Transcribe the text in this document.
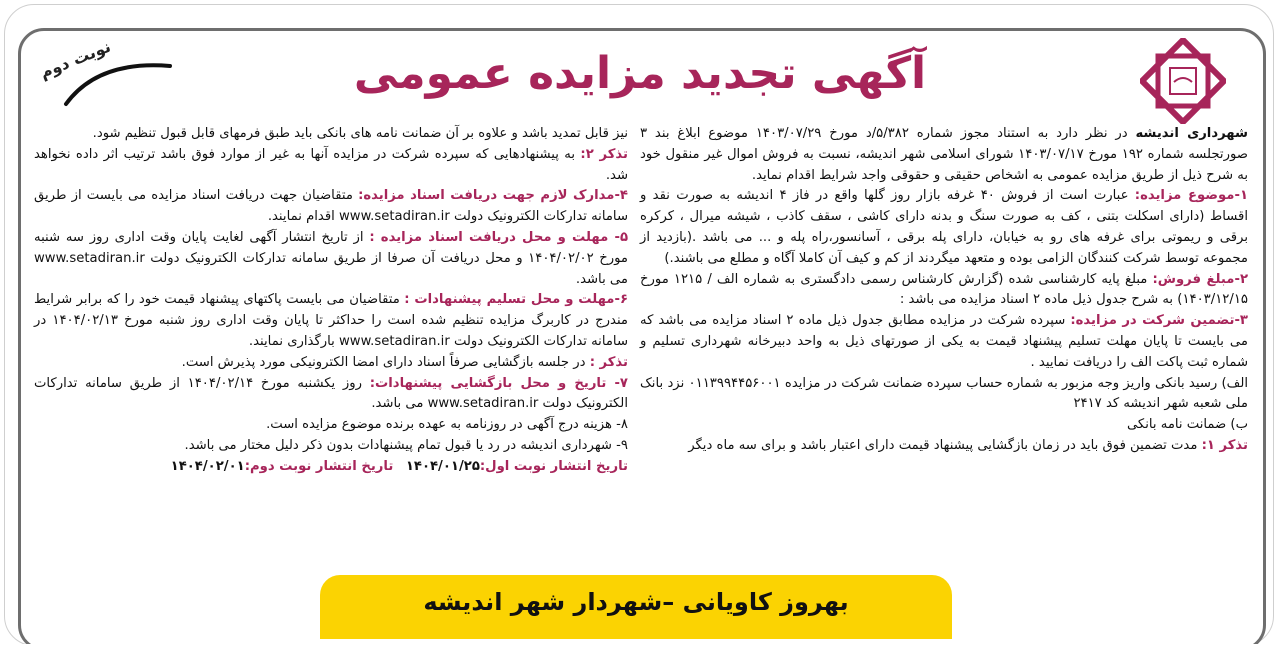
نوبت دوم	آگهی تجدید مزایده عمومی

شهرداری اندیشه در نظر دارد به استناد مجوز شماره ۵/۳۸۲/د مورخ ۱۴۰۳/۰۷/۲۹ موضوع ابلاغ بند ۳ صورتجلسه شماره ۱۹۲ مورخ ۱۴۰۳/۰۷/۱۷ شورای اسلامی شهر اندیشه، نسبت به فروش اموال غیر منقول خود به شرح ذیل از طریق مزایده عمومی به اشخاص حقیقی و حقوقی واجد شرایط اقدام نماید.

۱-موضوع مزایده: عبارت است از فروش ۴۰ غرفه بازار روز گلها واقع در فاز ۴ اندیشه به صورت نقد و اقساط (دارای اسکلت بتنی ، کف به صورت سنگ و بدنه دارای کاشی ، سقف کاذب ، شیشه میرال ، کرکره برقی و ریموتی برای غرفه های رو به خیابان، دارای پله برقی ، آسانسور،راه پله و ... می باشد .(بازدید از مجموعه توسط شرکت کنندگان الزامی بوده و متعهد میگردند از کم و کیف آن کاملا آگاه و مطلع می باشند.)

۲-مبلغ فروش: مبلغ پایه کارشناسی شده (گزارش کارشناس رسمی دادگستری به شماره الف / ۱۲۱۵ مورخ ۱۴۰۳/۱۲/۱۵) به شرح جدول ذیل ماده ۲ اسناد مزایده می باشد :

۳-تضمین شرکت در مزایده: سپرده شرکت در مزایده مطابق جدول ذیل ماده ۲ اسناد مزایده می باشد که می بایست تا پایان مهلت تسلیم پیشنهاد قیمت به یکی از صورتهای ذیل به واحد دبیرخانه شهرداری تسلیم و شماره ثبت پاکت الف را دریافت نمایید .

الف) رسید بانکی واریز وجه مزبور به شماره حساب سپرده ضمانت شرکت در مزایده ۰۱۱۳۹۹۴۴۵۶۰۰۱ نزد بانک ملی شعبه شهر اندیشه کد ۲۴۱۷

ب) ضمانت نامه بانکی

تذکر ۱: مدت تضمین فوق باید در زمان بازگشایی پیشنهاد قیمت دارای اعتبار باشد و برای سه ماه دیگر

نیز قابل تمدید باشد و علاوه بر آن ضمانت نامه های بانکی باید طبق فرمهای قابل قبول تنظیم شود.

تذکر ۲: به پیشنهادهایی که سپرده شرکت در مزایده آنها به غیر از موارد فوق باشد ترتیب اثر داده نخواهد شد.

۴-مدارک لازم جهت دریافت اسناد مزایده: متقاضیان جهت دریافت اسناد مزایده می بایست از طریق سامانه تدارکات الکترونیک دولت www.setadiran.ir اقدام نمایند.

۵- مهلت و محل دریافت اسناد مزایده : از تاریخ انتشار آگهی لغایت پایان وقت اداری روز سه شنبه مورخ ۱۴۰۴/۰۲/۰۲ و محل دریافت آن صرفا از طریق سامانه تدارکات الکترونیک دولت www.setadiran.ir می باشد.

۶-مهلت و محل تسلیم پیشنهادات : متقاضیان می بایست پاکتهای پیشنهاد قیمت خود را که برابر شرایط مندرج در کاربرگ مزایده تنظیم شده است را حداکثر تا پایان وقت اداری روز شنبه مورخ ۱۴۰۴/۰۲/۱۳ در سامانه تدارکات الکترونیک دولت www.setadiran.ir بارگذاری نمایند.

تذکر : در جلسه بازگشایی صرفاً اسناد دارای امضا الکترونیکی مورد پذیرش است.

۷- تاریخ و محل بازگشایی پیشنهادات: روز یکشنبه مورخ ۱۴۰۴/۰۲/۱۴ از طریق سامانه تدارکات الکترونیک دولت www.setadiran.ir می باشد.

۸- هزینه درج آگهی در روزنامه به عهده برنده موضوع مزایده است.

۹- شهرداری اندیشه در رد یا قبول تمام پیشنهادات بدون ذکر دلیل مختار می باشد.

تاریخ انتشار نوبت اول:۱۴۰۴/۰۱/۲۵   تاریخ انتشار نوبت دوم:۱۴۰۴/۰۲/۰۱

بهروز کاویانی –شهردار شهر اندیشه
